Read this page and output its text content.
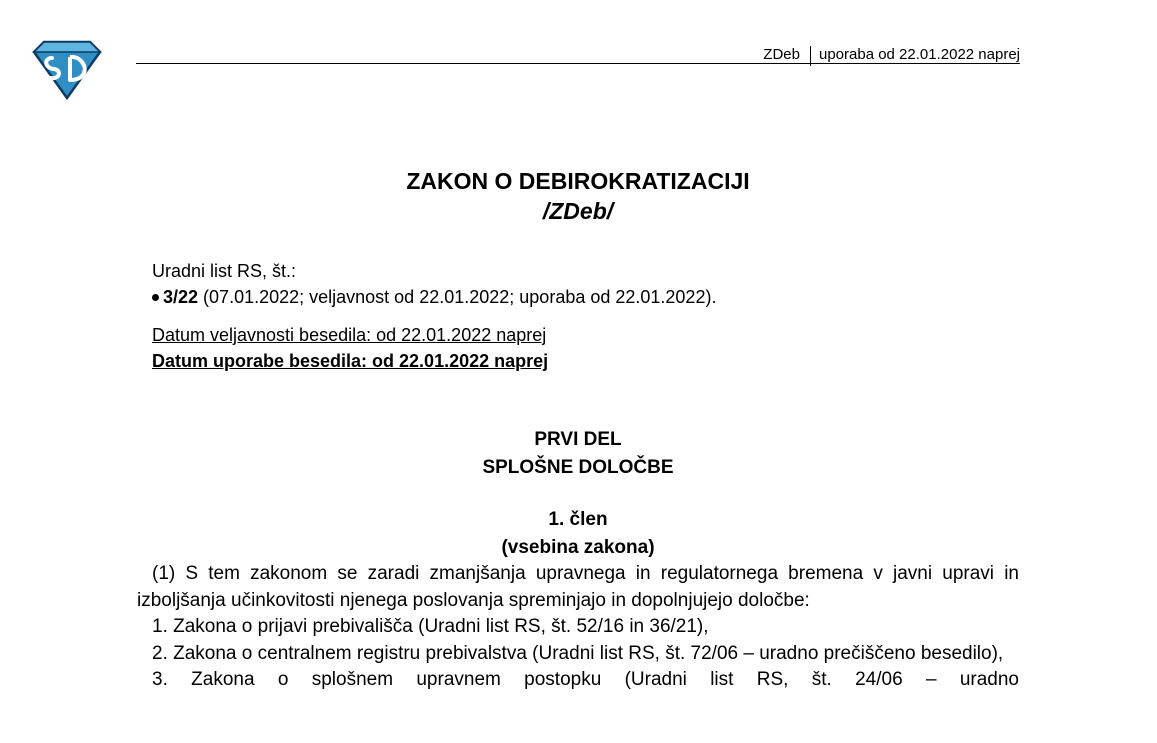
ZDeb uporaba od 22.01.2022 naprej
ZAKON O DEBIROKRATIZACIJI
/ZDeb/
Uradni list RS, št.:
3/22 (07.01.2022; veljavnost od 22.01.2022; uporaba od 22.01.2022).
Datum veljavnosti besedila: od 22.01.2022 naprej
Datum uporabe besedila: od 22.01.2022 naprej
PRVI DEL
SPLOŠNE DOLOČBE
1. člen
(vsebina zakona)
(1) S tem zakonom se zaradi zmanjšanja upravnega in regulatornega bremena v javni upravi in izboljšanja učinkovitosti njenega poslovanja spreminjajo in dopolnjujejo določbe:
1. Zakona o prijavi prebivališča (Uradni list RS, št. 52/16 in 36/21),
2. Zakona o centralnem registru prebivalstva (Uradni list RS, št. 72/06 – uradno prečiščeno besedilo),
3. Zakona o splošnem upravnem postopku (Uradni list RS, št. 24/06 – uradno
